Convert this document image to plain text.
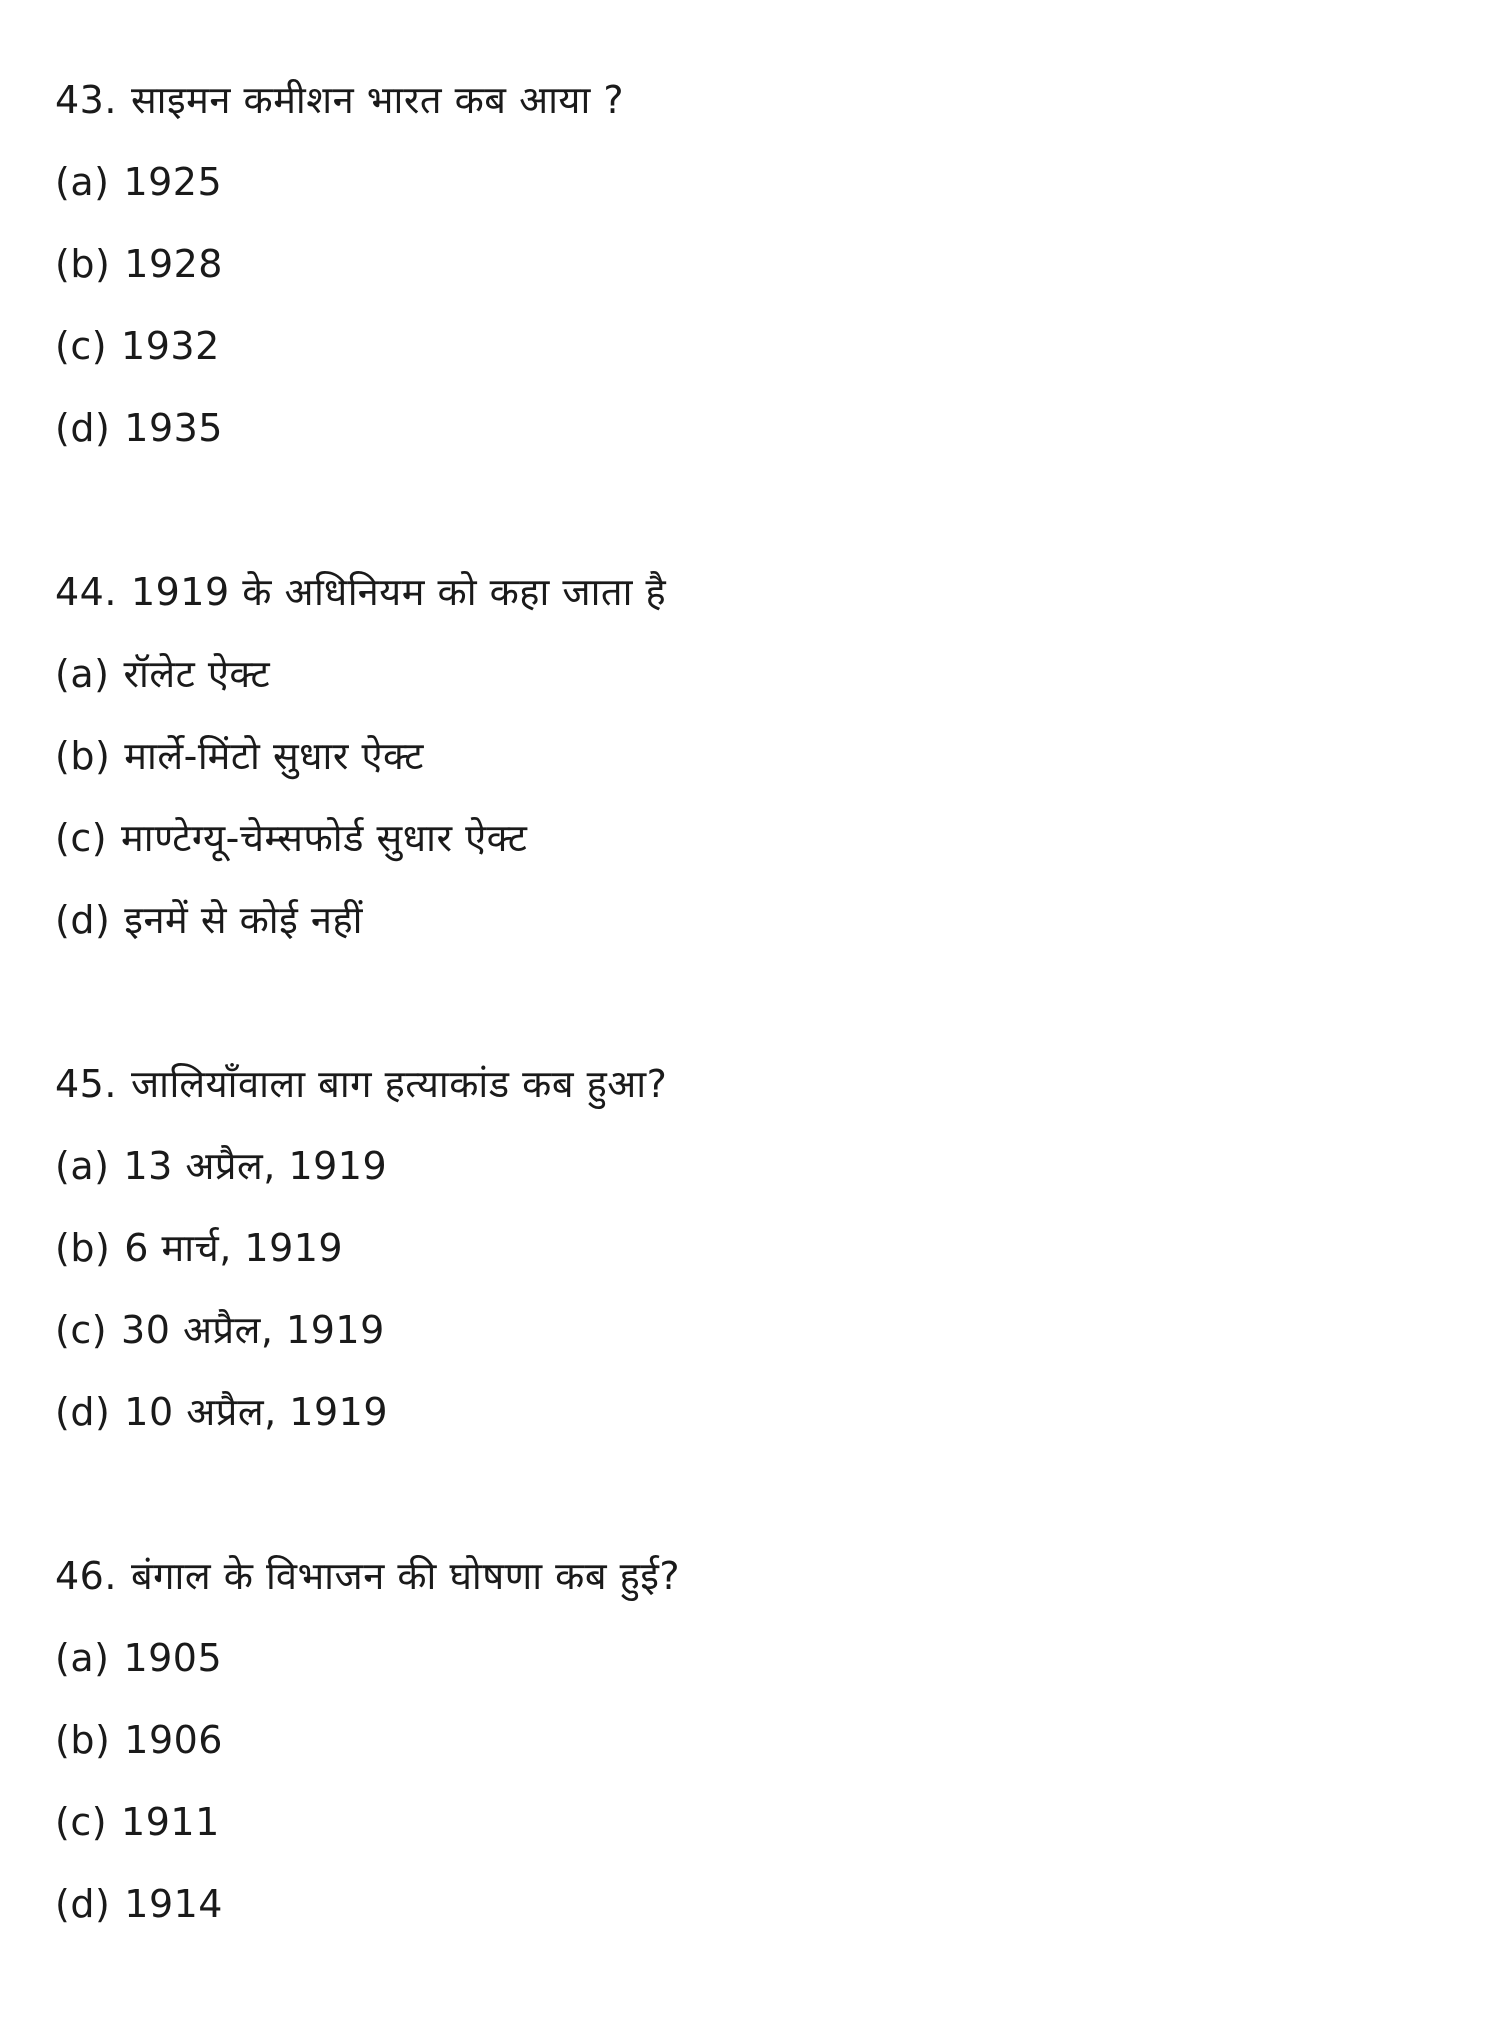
43. साइमन कमीशन भारत कब आया ?
(a) 1925
(b) 1928
(c) 1932
(d) 1935
44. 1919 के अधिनियम को कहा जाता है
(a) रॉलेट ऐक्ट
(b) मार्ले-मिंटो सुधार ऐक्ट
(c) माण्टेग्यू-चेम्सफोर्ड सुधार ऐक्ट
(d) इनमें से कोई नहीं
45. जालियाँवाला बाग हत्याकांड कब हुआ?
(a) 13 अप्रैल, 1919
(b) 6 मार्च, 1919
(c) 30 अप्रैल, 1919
(d) 10 अप्रैल, 1919
46. बंगाल के विभाजन की घोषणा कब हुई?
(a) 1905
(b) 1906
(c) 1911
(d) 1914
